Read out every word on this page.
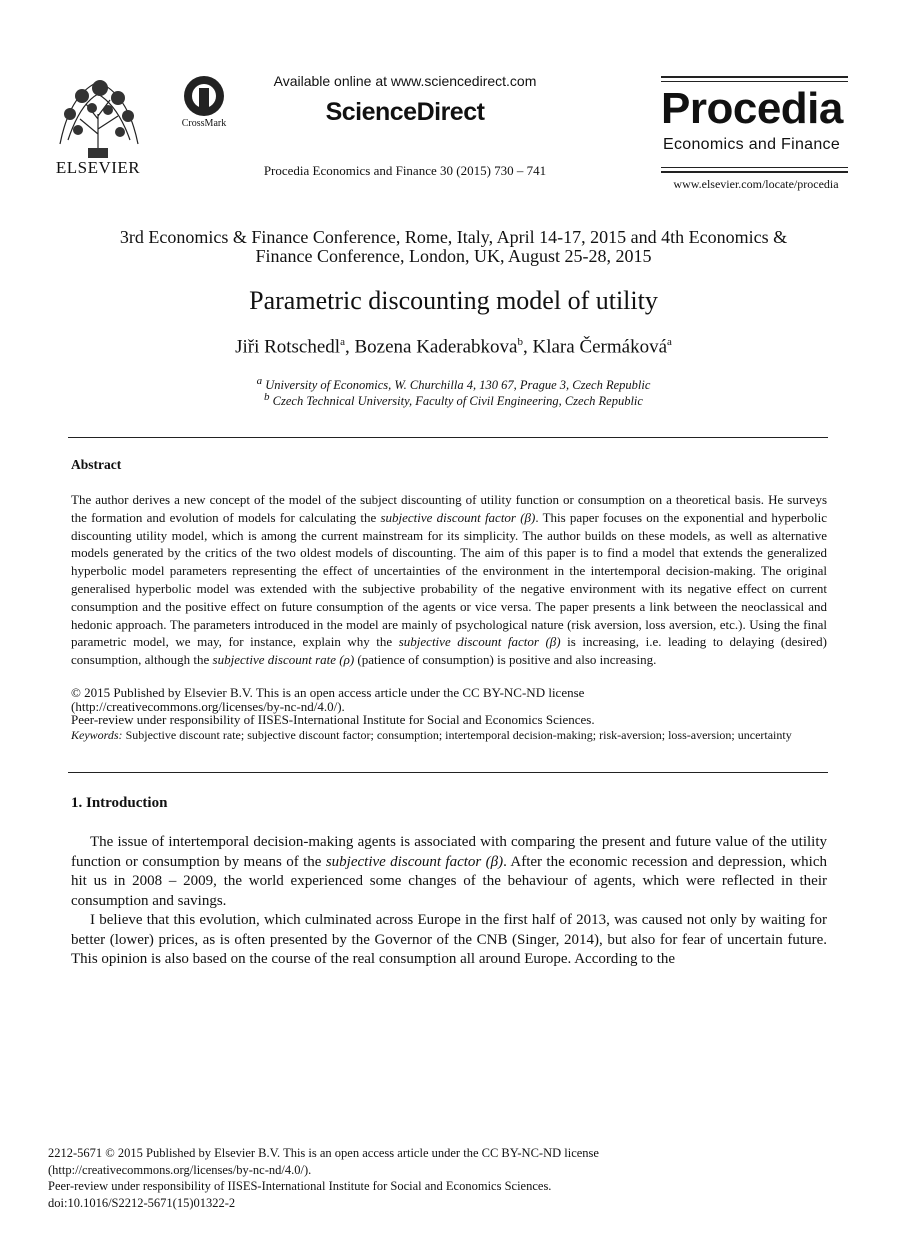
ELSEVIER
CrossMark
Available online at www.sciencedirect.com
ScienceDirect
Procedia Economics and Finance 30 (2015) 730 – 741
Procedia
Economics and Finance
www.elsevier.com/locate/procedia
3rd Economics & Finance Conference, Rome, Italy, April 14-17, 2015 and 4th Economics &
Finance Conference, London, UK, August 25-28, 2015
Parametric discounting model of utility
Jiři Rotschedl$^a$, Bozena Kaderabkova$^b$, Klara Čermáková$^a$
$^a$ University of Economics, W. Churchilla 4, 130 67, Prague 3, Czech Republic
$^b$ Czech Technical University, Faculty of Civil Engineering, Czech Republic
Abstract
The author derives a new concept of the model of the subject discounting of utility function or consumption on a theoretical basis. He surveys the formation and evolution of models for calculating the subjective discount factor (β). This paper focuses on the exponential and hyperbolic discounting utility model, which is among the current mainstream for its simplicity. The author builds on these models, as well as alternative models generated by the critics of the two oldest models of discounting. The aim of this paper is to find a model that extends the generalized hyperbolic model parameters representing the effect of uncertainties of the environment in the intertemporal decision-making. The original generalised hyperbolic model was extended with the subjective probability of the negative environment with its negative effect on current consumption and the positive effect on future consumption of the agents or vice versa. The paper presents a link between the neoclassical and hedonic approach. The parameters introduced in the model are mainly of psychological nature (risk aversion, loss aversion, etc.). Using the final parametric model, we may, for instance, explain why the subjective discount factor (β) is increasing, i.e. leading to delaying (desired) consumption, although the subjective discount rate (ρ) (patience of consumption) is positive and also increasing.
© 2015 Published by Elsevier B.V. This is an open access article under the CC BY-NC-ND license
(http://creativecommons.org/licenses/by-nc-nd/4.0/).
Peer-review under responsibility of IISES-International Institute for Social and Economics Sciences.
Keywords: Subjective discount rate; subjective discount factor; consumption; intertemporal decision-making; risk-aversion; loss-aversion; uncertainty
1. Introduction

The issue of intertemporal decision-making agents is associated with comparing the present and future value of the utility function or consumption by means of the subjective discount factor (β). After the economic recession and depression, which hit us in 2008 – 2009, the world experienced some changes of the behaviour of agents, which were reflected in their consumption and savings.

I believe that this evolution, which culminated across Europe in the first half of 2013, was caused not only by waiting for better (lower) prices, as is often presented by the Governor of the CNB (Singer, 2014), but also for fear of uncertain future. This opinion is also based on the course of the real consumption all around Europe. According to the

2212-5671 © 2015 Published by Elsevier B.V. This is an open access article under the CC BY-NC-ND license
(http://creativecommons.org/licenses/by-nc-nd/4.0/).
Peer-review under responsibility of IISES-International Institute for Social and Economics Sciences.
doi:10.1016/S2212-5671(15)01322-2
